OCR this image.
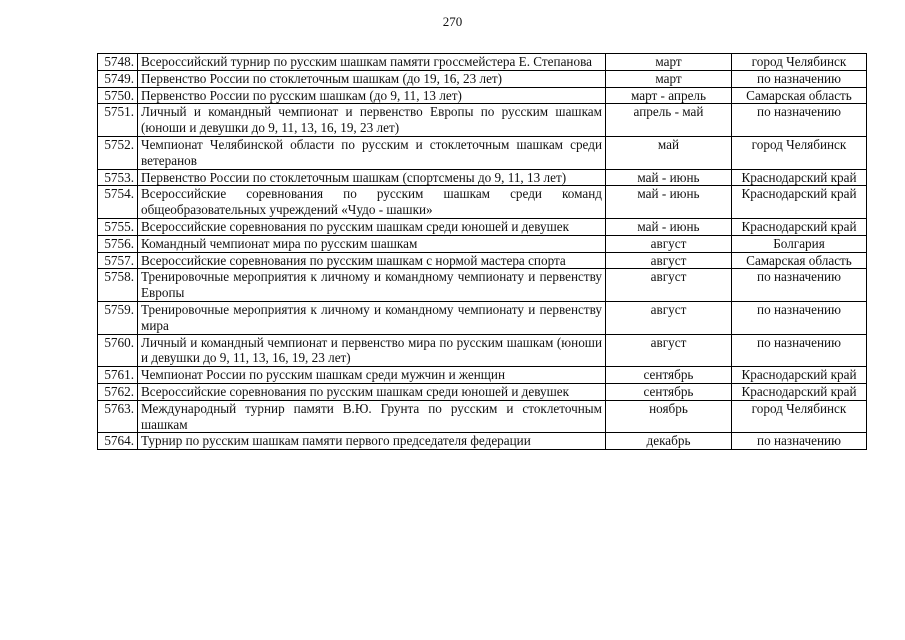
270
5748.	Всероссийский турнир по русским шашкам памяти гроссмейстера Е. Степанова	март	город Челябинск
5749.	Первенство России по стоклеточным шашкам (до 19, 16, 23 лет)	март	по назначению
5750.	Первенство России по русским шашкам (до 9, 11, 13 лет)	март - апрель	Самарская область
5751.	Личный и командный чемпионат и первенство Европы по русским шашкам (юноши и девушки до 9, 11, 13, 16, 19, 23 лет)	апрель - май	по назначению
5752.	Чемпионат Челябинской области по русским и стоклеточным шашкам среди ветеранов	май	город Челябинск
5753.	Первенство России по стоклеточным шашкам (спортсмены до 9, 11, 13 лет)	май - июнь	Краснодарский край
5754.	Всероссийские соревнования по русским шашкам среди команд общеобразовательных учреждений «Чудо - шашки»	май - июнь	Краснодарский край
5755.	Всероссийские соревнования по русским шашкам среди юношей и девушек	май - июнь	Краснодарский край
5756.	Командный чемпионат мира по русским шашкам	август	Болгария
5757.	Всероссийские соревнования по русским шашкам с нормой мастера спорта	август	Самарская область
5758.	Тренировочные мероприятия к личному и командному чемпионату и первенству Европы	август	по назначению
5759.	Тренировочные мероприятия к личному и командному чемпионату и первенству мира	август	по назначению
5760.	Личный и командный чемпионат и первенство мира по русским шашкам (юноши и девушки до 9, 11, 13, 16, 19, 23 лет)	август	по назначению
5761.	Чемпионат России по русским шашкам среди мужчин и женщин	сентябрь	Краснодарский край
5762.	Всероссийские соревнования по русским шашкам среди юношей и девушек	сентябрь	Краснодарский край
5763.	Международный турнир памяти В.Ю. Грунта по русским и стоклеточным шашкам	ноябрь	город Челябинск
5764.	Турнир по русским шашкам памяти первого председателя федерации	декабрь	по назначению
